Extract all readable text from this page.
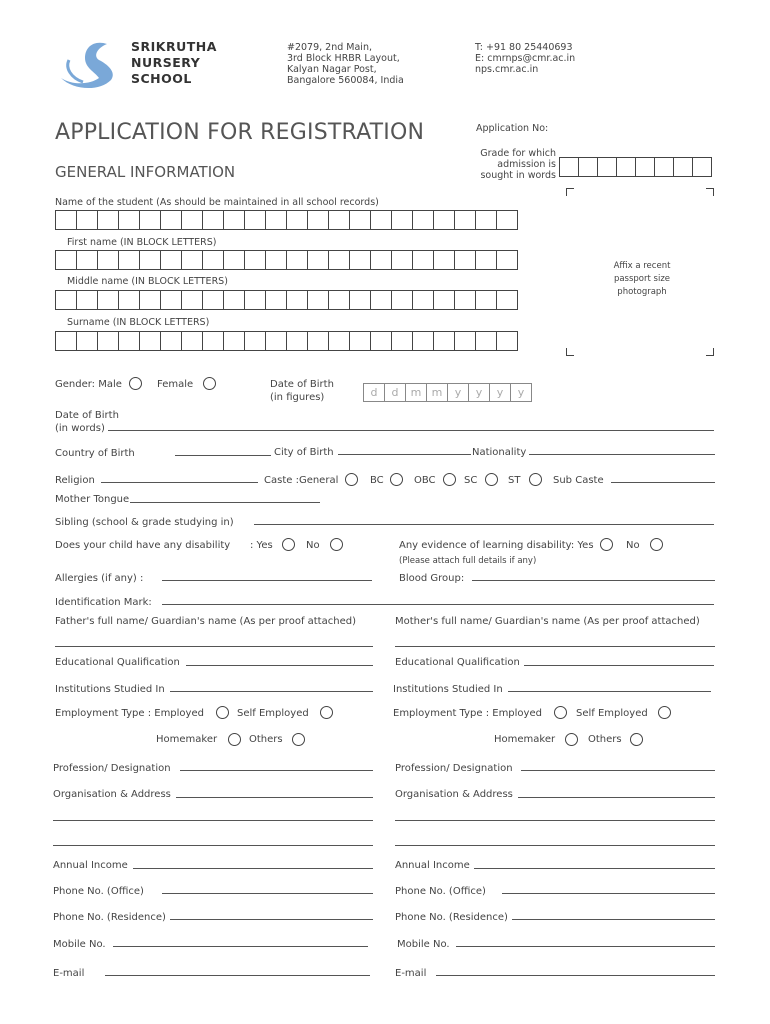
SRIKRUTHA
NURSERY
SCHOOL
#2079, 2nd Main,
3rd Block HRBR Layout,
Kalyan Nagar Post,
Bangalore 560084, India
T: +91 80 25440693
E: cmrnps@cmr.ac.in
nps.cmr.ac.in
APPLICATION FOR REGISTRATION
GENERAL INFORMATION
Application No:
Grade for which
admission is
sought in words
Affix a recent
passport size
photograph
Name of the student (As should be maintained in all school records)
First name (IN BLOCK LETTERS)
Middle name (IN BLOCK LETTERS)
Surname (IN BLOCK LETTERS)
Gender: Male	Female	Date of Birth
(in figures)	d	d	m m	y	y	y	y
Date of Birth
(in words)
Country of Birth	City of Birth	Nationality
Religion	Caste :General	BC	OBC	SC	ST	Sub Caste
Mother Tongue
Sibling (school & grade studying in)
Does your child have any disability : Yes	No	Any evidence of learning disability: Yes	No
(Please attach full details if any)
Allergies (if any) :	Blood Group:
Identification Mark:
Father's full name/ Guardian's name (As per proof attached)	Mother's full name/ Guardian's name (As per proof attached)
Educational Qualification	Educational Qualification
Institutions Studied In	Institutions Studied In
Employment Type : Employed	Self Employed	Employment Type : Employed	Self Employed
Homemaker	Others	Homemaker	Others
Profession/ Designation	Profession/ Designation
Organisation & Address	Organisation & Address
Annual Income	Annual Income
Phone No. (Office)	Phone No. (Office)
Phone No. (Residence)	Phone No. (Residence)
Mobile No.	Mobile No.
E-mail	E-mail
